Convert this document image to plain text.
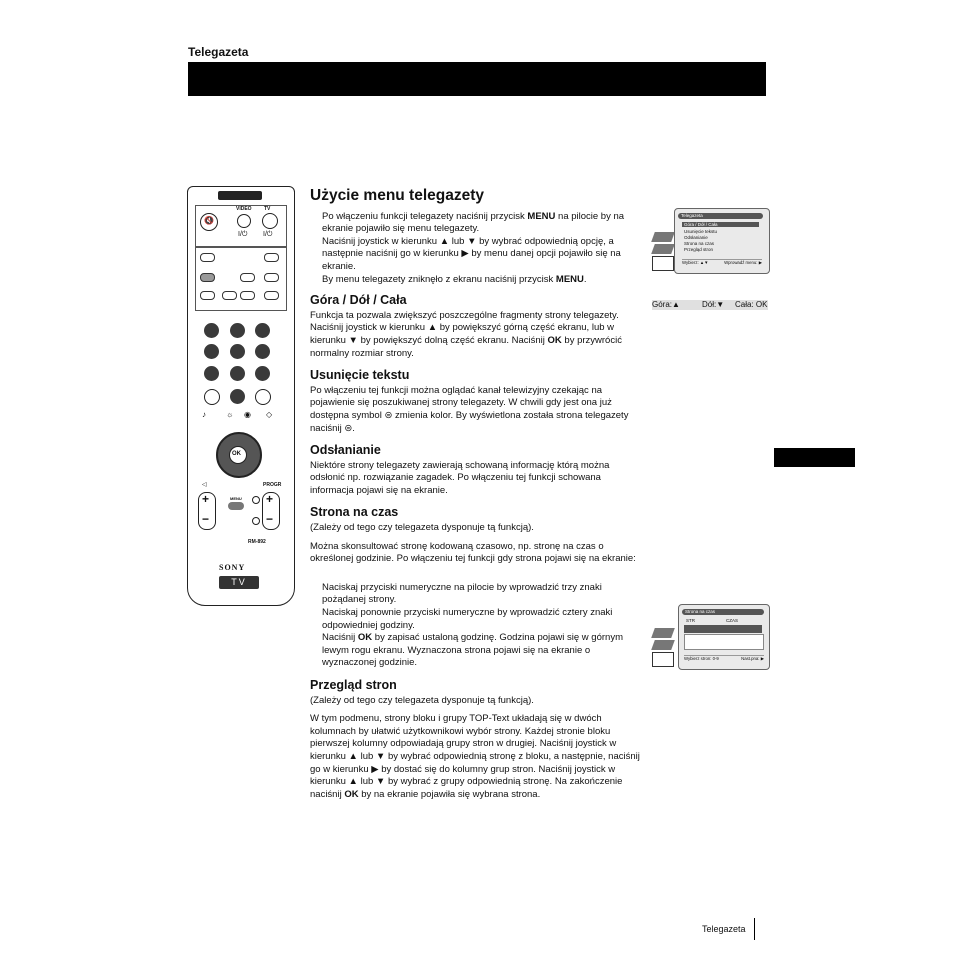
Telegazeta
Telegazeta
🔇
VIDEO TV
I/⏻ I/⏻
♪	☼ ◉ ◇
OK
◁	PROGR
+
−
+
−
MENU
RM-892
SONY
TV
Użycie menu telegazety

Po włączeniu funkcji telegazety naciśnij przycisk MENU na pilocie by na ekranie pojawiło się menu telegazety.

Naciśnij joystick w kierunku ▲ lub ▼ by wybrać odpowiednią opcję, a następnie naciśnij go w kierunku ▶ by menu danej opcji pojawiło się na ekranie.

By menu telegazety zniknęło z ekranu naciśnij przycisk MENU.

Góra / Dół / Cała

Funkcja ta pozwala zwiększyć poszczególne fragmenty strony telegazety. Naciśnij joystick w kierunku ▲ by powiększyć górną część ekranu, lub w kierunku ▼ by powiększyć dolną część ekranu. Naciśnij OK by przywrócić normalny rozmiar strony.

Usunięcie tekstu

Po włączeniu tej funkcji można oglądać kanał telewizyjny czekając na pojawienie się poszukiwanej strony telegazety. W chwili gdy jest ona już dostępna symbol ⊜ zmienia kolor. By wyświetlona została strona telegazety naciśnij ⊜.

Odsłanianie

Niektóre strony telegazety zawierają schowaną informację którą można odsłonić np. rozwiązanie zagadek. Po włączeniu tej funkcji schowana informacja pojawi się na ekranie.

Strona na czas

(Zależy od tego czy telegazeta dysponuje tą funkcją).

Można skonsultować stronę kodowaną czasowo, np. stronę na czas o określonej godzinie. Po włączeniu tej funkcji gdy strona pojawi się na ekranie:

Naciskaj przyciski numeryczne na pilocie by wprowadzić trzy znaki pożądanej strony.

Naciskaj ponownie przyciski numeryczne by wprowadzić cztery znaki odpowiedniej godziny.

Naciśnij OK by zapisać ustaloną godzinę. Godzina pojawi się w górnym lewym rogu ekranu. Wyznaczona strona pojawi się na ekranie o wyznaczonej godzinie.

Przegląd stron

(Zależy od tego czy telegazeta dysponuje tą funkcją).

W tym podmenu, strony bloku i grupy TOP-Text układają się w dwóch kolumnach by ułatwić użytkownikowi wybór strony. Każdej stronie bloku pierwszej kolumny odpowiadają grupy stron w drugiej. Naciśnij joystick w kierunku ▲ lub ▼ by wybrać odpowiednią stronę z bloku, a następnie, naciśnij go w kierunku ▶ by dostać się do kolumny grup stron. Naciśnij joystick w kierunku ▲ lub ▼ by wybrać z grupy odpowiednią stronę. Na zakończenie naciśnij OK by na ekranie pojawiła się wybrana strona.

Telegazeta
Góra / Dół / Cała
Usunięcie tekstu
Odsłanianie
Strona na czas
Przegląd stron
Wybierz: ▲▼	Wprowadź menu: ▶
Góra:▲	Dół:▼ Cała: OK
Strona na czas
STR	CZAS
Wybierz stron: 0-9	Nast.pna: ▶
